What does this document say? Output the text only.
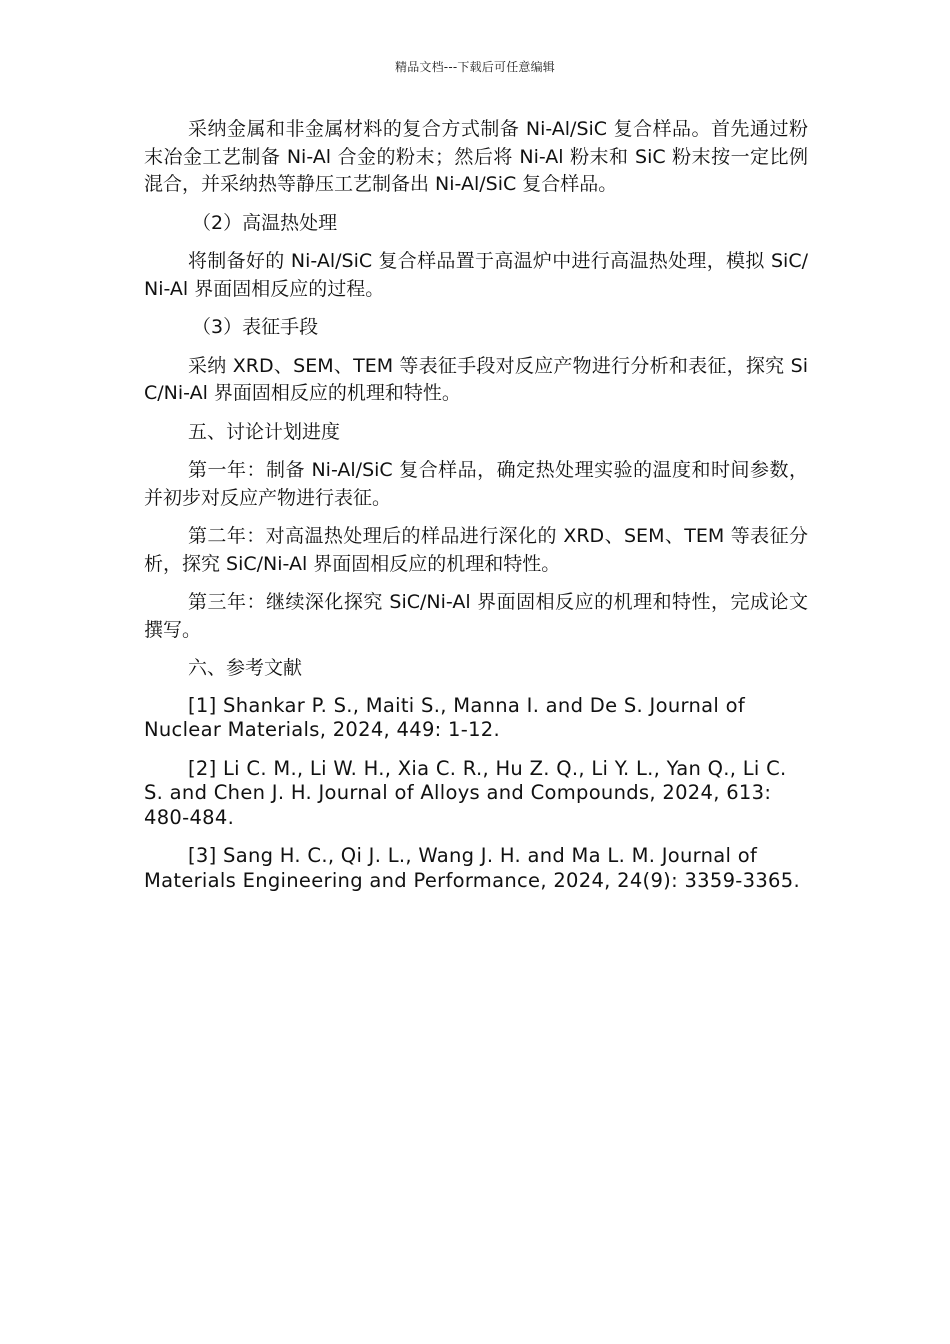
精品文档---下载后可任意编辑

采纳金属和非金属材料的复合方式制备 Ni-Al/SiC 复合样品。首先通过粉末冶金工艺制备 Ni-Al 合金的粉末；然后将 Ni-Al 粉末和 SiC 粉末按一定比例混合，并采纳热等静压工艺制备出 Ni-Al/SiC 复合样品。

（2）高温热处理

将制备好的 Ni-Al/SiC 复合样品置于高温炉中进行高温热处理，模拟 SiC/Ni-Al 界面固相反应的过程。

（3）表征手段

采纳 XRD、SEM、TEM 等表征手段对反应产物进行分析和表征，探究 SiC/Ni-Al 界面固相反应的机理和特性。

五、讨论计划进度

第一年：制备 Ni-Al/SiC 复合样品，确定热处理实验的温度和时间参数，并初步对反应产物进行表征。

第二年：对高温热处理后的样品进行深化的 XRD、SEM、TEM 等表征分析，探究 SiC/Ni-Al 界面固相反应的机理和特性。

第三年：继续深化探究 SiC/Ni-Al 界面固相反应的机理和特性，完成论文撰写。

六、参考文献

[1] Shankar P. S., Maiti S., Manna I. and De S. Journal of Nuclear Materials, 2024, 449: 1-12.

[2] Li C. M., Li W. H., Xia C. R., Hu Z. Q., Li Y. L., Yan Q., Li C. S. and Chen J. H. Journal of Alloys and Compounds, 2024, 613: 480-484.

[3] Sang H. C., Qi J. L., Wang J. H. and Ma L. M. Journal of Materials Engineering and Performance, 2024, 24(9): 3359-3365.
